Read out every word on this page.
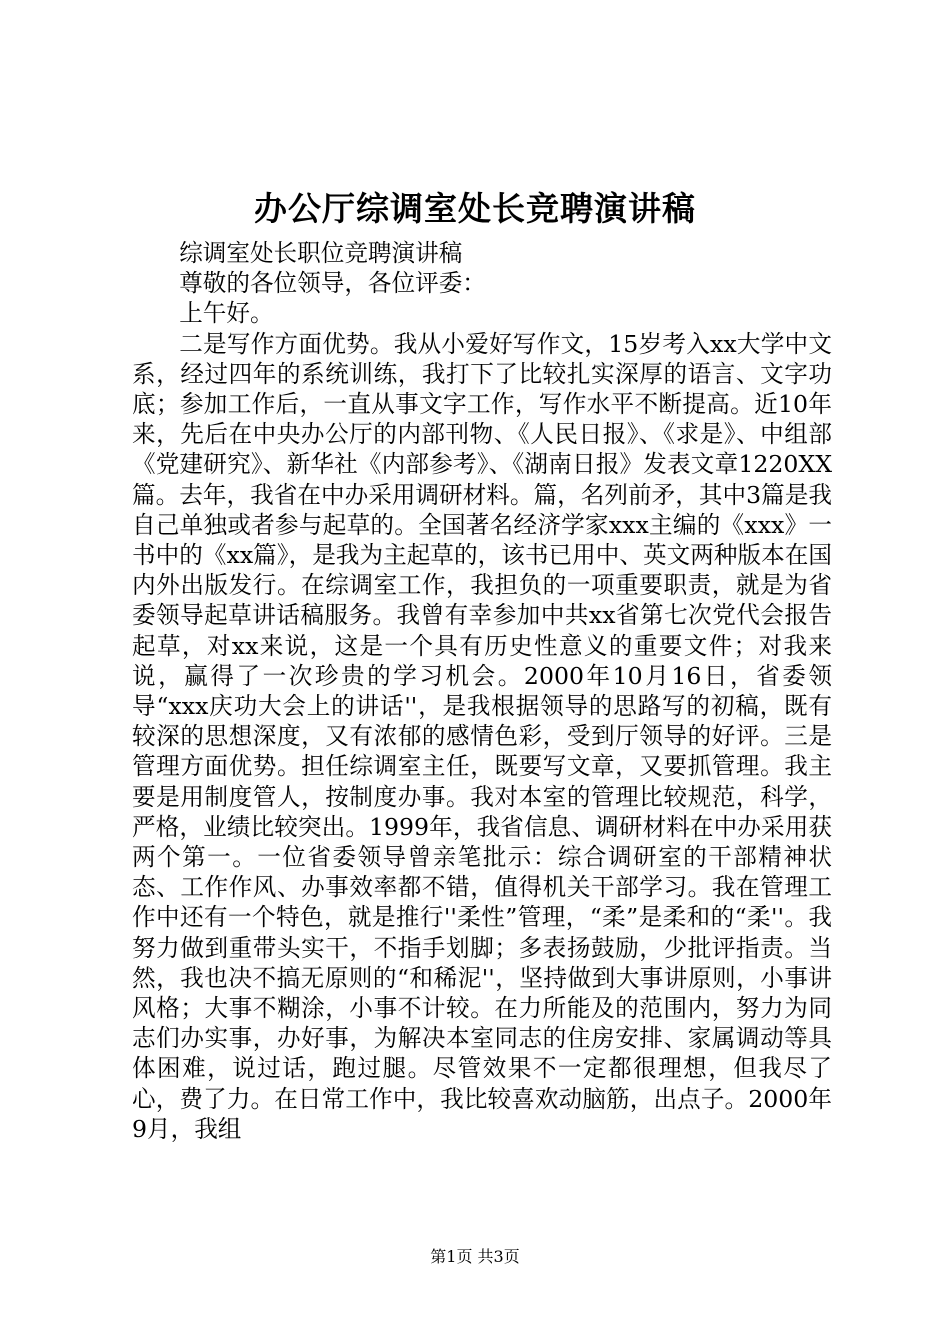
办公厅综调室处长竞聘演讲稿

综调室处长职位竞聘演讲稿

尊敬的各位领导，各位评委：

上午好。

二是写作方面优势。我从小爱好写作文，15岁考入xx大学中文系，经过四年的系统训练，我打下了比较扎实深厚的语言、文字功底；参加工作后，一直从事文字工作，写作水平不断提高。近10年来，先后在中央办公厅的内部刊物、《人民日报》、《求是》、中组部《党建研究》、新华社《内部参考》、《湖南日报》发表文章1220XX篇。去年，我省在中办采用调研材料。篇，名列前矛，其中3篇是我自己单独或者参与起草的。全国著名经济学家xxx主编的《xxx》一书中的《xx篇》，是我为主起草的，该书已用中、英文两种版本在国内外出版发行。在综调室工作，我担负的一项重要职责，就是为省委领导起草讲话稿服务。我曾有幸参加中共xx省第七次党代会报告起草，对xx来说，这是一个具有历史性意义的重要文件；对我来说，赢得了一次珍贵的学习机会。2000年10月16日，省委领导“xxx庆功大会上的讲话''，是我根据领导的思路写的初稿，既有较深的思想深度，又有浓郁的感情色彩，受到厅领导的好评。三是管理方面优势。担任综调室主任，既要写文章，又要抓管理。我主要是用制度管人，按制度办事。我对本室的管理比较规范，科学，严格，业绩比较突出。1999年，我省信息、调研材料在中办采用获两个第一。一位省委领导曾亲笔批示：综合调研室的干部精神状态、工作作风、办事效率都不错，值得机关干部学习。我在管理工作中还有一个特色，就是推行''柔性”管理，“柔”是柔和的“柔''。我努力做到重带头实干，不指手划脚；多表扬鼓励，少批评指责。当然，我也决不搞无原则的“和稀泥''，坚持做到大事讲原则，小事讲风格；大事不糊涂，小事不计较。在力所能及的范围内，努力为同志们办实事，办好事，为解决本室同志的住房安排、家属调动等具体困难，说过话，跑过腿。尽管效果不一定都很理想，但我尽了心，费了力。在日常工作中，我比较喜欢动脑筋，出点子。2000年9月，我组

第1页 共3页
